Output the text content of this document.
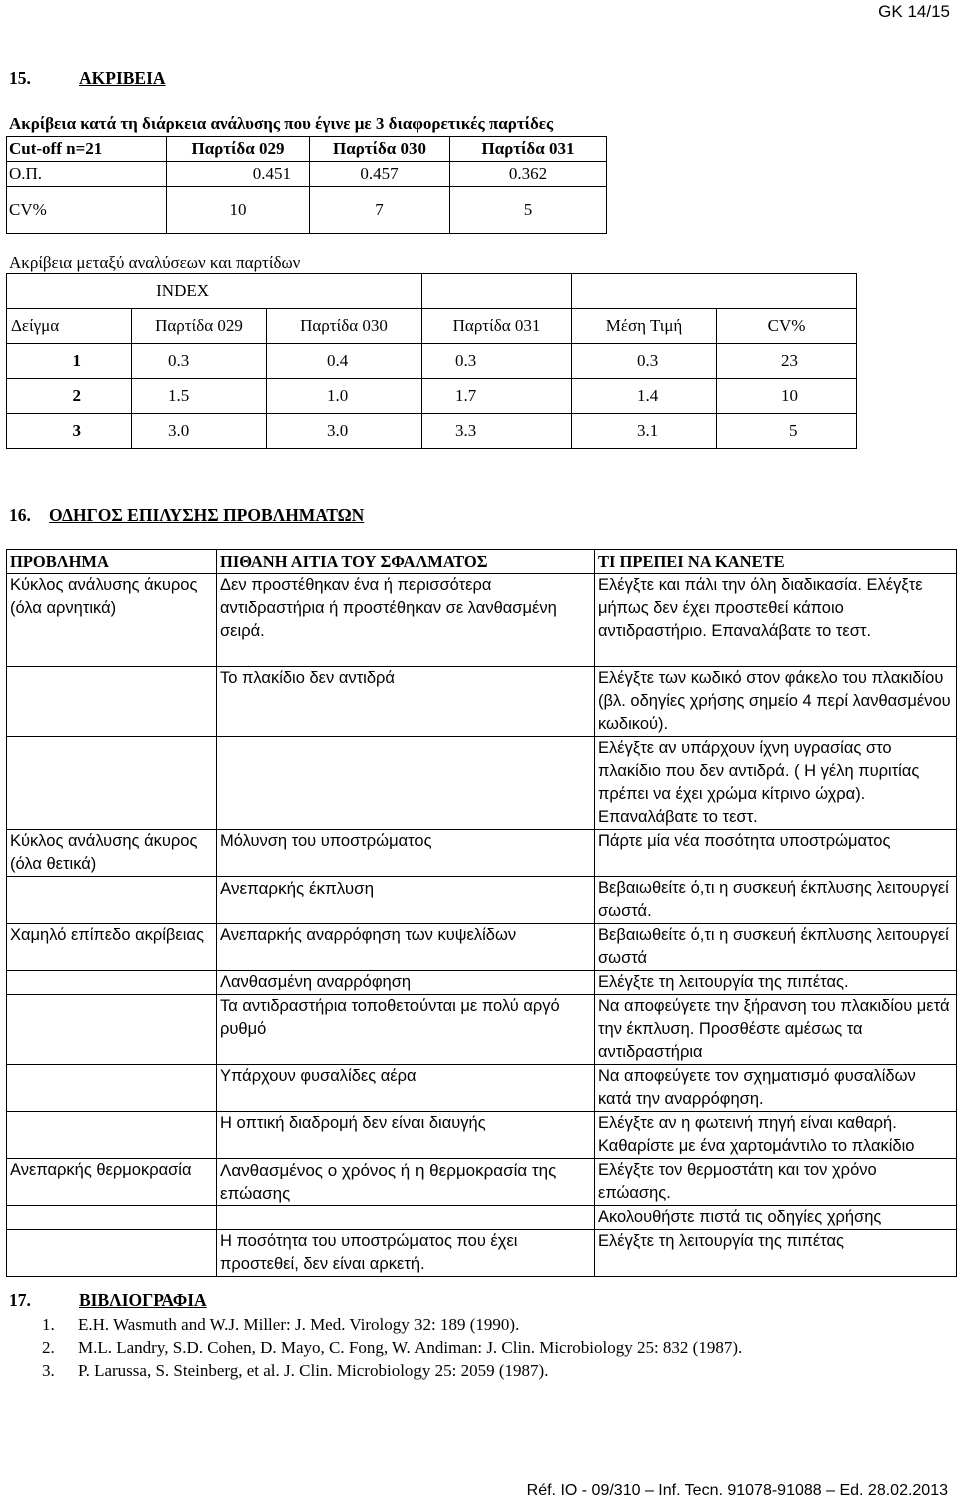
GK 14/15
15.	ΑΚΡΙΒΕΙΑ
Ακρίβεια κατά τη διάρκεια ανάλυσης που έγινε με 3 διαφορετικές παρτίδες
Cut-off n=21	Παρτίδα 029	Παρτίδα 030	Παρτίδα 031
Ο.Π.	0.451	0.457	0.362
CV%	10	7	5
Ακρίβεια μεταξύ αναλύσεων και παρτίδων
INDEX					
Δείγμα	Παρτίδα 029	Παρτίδα 030	Παρτίδα 031	Μέση Τιμή	CV%
1	0.3	0.4	0.3	0.3	23
2	1.5	1.0	1.7	1.4	10
3	3.0	3.0	3.3	3.1	5
16. ΟΔΗΓΟΣ ΕΠΙΛΥΣΗΣ ΠΡΟΒΛΗΜΑΤΩΝ
ΠΡΟΒΛΗΜΑ	ΠΙΘΑΝΗ ΑΙΤΙΑ ΤΟΥ ΣΦΑΛΜΑΤΟΣ	ΤΙ ΠΡΕΠΕΙ ΝΑ ΚΑΝΕΤΕ
Κύκλος ανάλυσης άκυρος (όλα αρνητικά)	Δεν προστέθηκαν ένα ή περισσότερα αντιδραστήρια ή προστέθηκαν σε λανθασμένη σειρά.	Ελέγξτε και πάλι την όλη διαδικασία. Ελέγξτε μήπως δεν έχει προστεθεί κάποιο αντιδραστήριο. Επαναλάβατε το τεστ.
	Το πλακίδιο δεν αντιδρά	Ελέγξτε των κωδικό στον φάκελο του πλακιδίου (βλ. οδηγίες χρήσης σημείο 4 περί λανθασμένου κωδικού).
		Ελέγξτε αν υπάρχουν ίχνη υγρασίας στο πλακίδιο που δεν αντιδρά. ( Η γέλη πυριτίας πρέπει να έχει χρώμα κίτρινο ώχρα). Επαναλάβατε το τεστ.
Κύκλος ανάλυσης άκυρος (όλα θετικά)	Μόλυνση του υποστρώματος	Πάρτε μία νέα ποσότητα υποστρώματος
	Ανεπαρκής έκπλυση	Βεβαιωθείτε ό,τι η συσκευή έκπλυσης λειτουργεί σωστά.
Χαμηλό επίπεδο ακρίβειας	Ανεπαρκής αναρρόφηση των κυψελίδων	Βεβαιωθείτε ό,τι η συσκευή έκπλυσης λειτουργεί σωστά
	Λανθασμένη αναρρόφηση	Ελέγξτε τη λειτουργία της πιπέτας.
	Τα αντιδραστήρια τοποθετούνται με πολύ αργό ρυθμό	Να αποφεύγετε την ξήρανση του πλακιδίου μετά την έκπλυση. Προσθέστε αμέσως τα αντιδραστήρια
	Υπάρχουν φυσαλίδες αέρα	Να αποφεύγετε τον σχηματισμό φυσαλίδων κατά την αναρρόφηση.
	Η οπτική διαδρομή δεν είναι διαυγής	Ελέγξτε αν η φωτεινή πηγή είναι καθαρή. Καθαρίστε με ένα χαρτομάντιλο το πλακίδιο
Ανεπαρκής θερμοκρασία	Λανθασμένος ο χρόνος ή η θερμοκρασία της επώασης	Ελέγξτε τον θερμοστάτη και τον χρόνο επώασης.
		Ακολουθήστε πιστά τις οδηγίες χρήσης
	Η ποσότητα του υποστρώματος που έχει προστεθεί, δεν είναι αρκετή.	Ελέγξτε τη λειτουργία της πιπέτας
17.	ΒΙΒΛΙΟΓΡΑΦΙΑ
1. E.H. Wasmuth and W.J. Miller: J. Med. Virology 32: 189 (1990).
2. M.L. Landry, S.D. Cohen, D. Mayo, C. Fong, W. Andiman: J. Clin. Microbiology 25: 832 (1987).
3. P. Larussa, S. Steinberg, et al. J. Clin. Microbiology 25: 2059 (1987).
Réf. IO - 09/310 – Inf. Tecn. 91078-91088 – Ed. 28.02.2013
